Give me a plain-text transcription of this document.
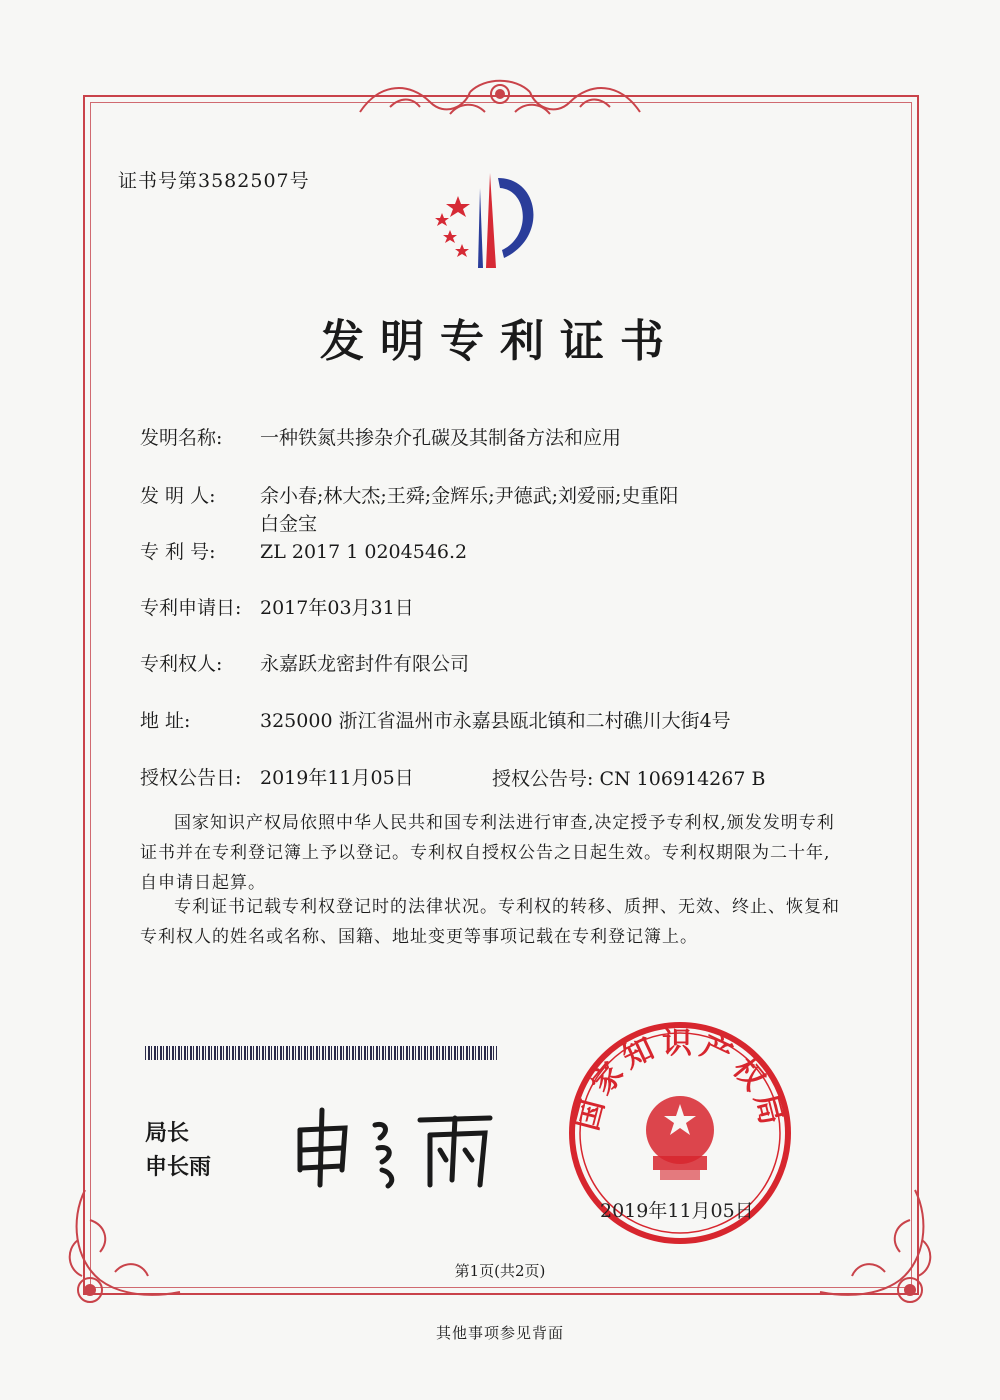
证书号第3582507号
发明专利证书
发明名称: 一种铁氮共掺杂介孔碳及其制备方法和应用
发 明 人: 余小春;林大杰;王舜;金辉乐;尹德武;刘爱丽;史重阳
白金宝
专 利 号: ZL 2017 1 0204546.2
专利申请日: 2017年03月31日
专利权人: 永嘉跃龙密封件有限公司
地 址:	325000 浙江省温州市永嘉县瓯北镇和二村礁川大街4号
授权公告日: 2019年11月05日	授权公告号: CN 106914267 B
国家知识产权局依照中华人民共和国专利法进行审查,决定授予专利权,颁发发明专利证书并在专利登记簿上予以登记。专利权自授权公告之日起生效。专利权期限为二十年,自申请日起算。
专利证书记载专利权登记时的法律状况。专利权的转移、质押、无效、终止、恢复和专利权人的姓名或名称、国籍、地址变更等事项记载在专利登记簿上。
局长
申长雨
国家知识产权局
2019年11月05日
第1页(共2页)
其他事项参见背面
